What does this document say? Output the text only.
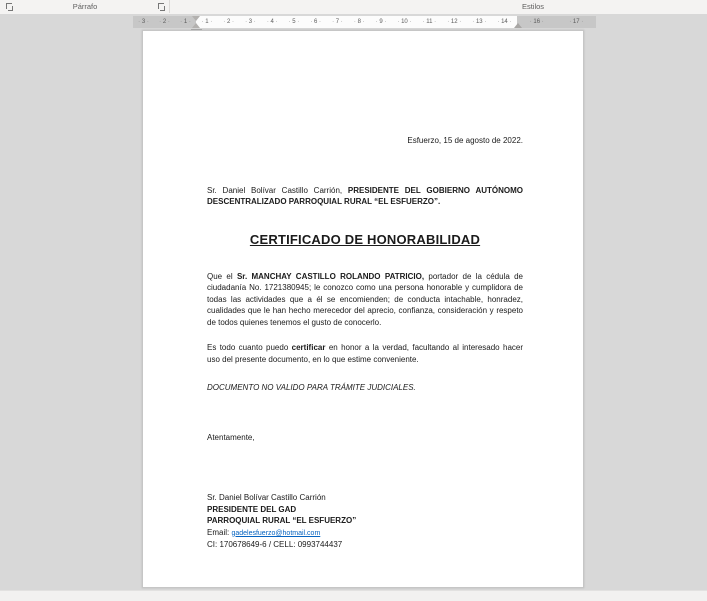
Párrafo	Estilos
· 3 ·	· 2 ·	· 1 ·	· 1 ·	· 2 ·	· 3 ·	· 4 ·	· 5 ·	· 6 ·	· 7 ·	· 8 ·	· 9 ·	· 10 ·	· 11 ·	· 12 ·	· 13 ·	· 14 ·	· 16 ·	· 17 ·

Esfuerzo, 15 de agosto de 2022.

Sr. Daniel Bolívar Castillo Carrión, PRESIDENTE DEL GOBIERNO AUTÓNOMO DESCENTRALIZADO PARROQUIAL RURAL “EL ESFUERZO”.

CERTIFICADO DE HONORABILIDAD

Que el Sr. MANCHAY CASTILLO ROLANDO PATRICIO, portador de la cédula de ciudadanía No. 1721380945; le conozco como una persona honorable y cumplidora de todas las actividades que a él se encomienden; de conducta intachable, honradez, cualidades que le han hecho merecedor del aprecio, confianza, consideración y respeto de todos quienes tenemos el gusto de conocerlo.

Es todo cuanto puedo certificar en honor a la verdad, facultando al interesado hacer uso del presente documento, en lo que estime conveniente.

DOCUMENTO NO VALIDO PARA TRÁMITE JUDICIALES.

Atentamente,

Sr. Daniel Bolívar Castillo Carrión
PRESIDENTE DEL GAD
PARROQUIAL RURAL “EL ESFUERZO”
Email: gadelesfuerzo@hotmail.com
CI: 170678649-6 / CELL: 0993744437
